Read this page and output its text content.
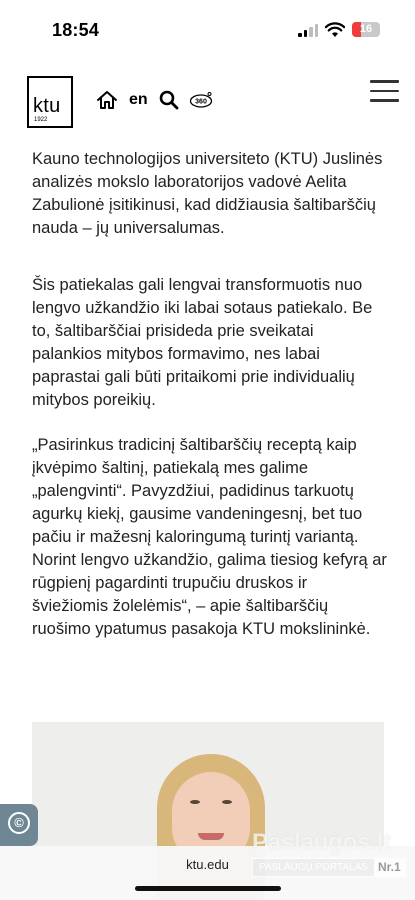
18:54	16
ktu
1922
en	360

Kauno technologijos universiteto (KTU) Juslinės analizės mokslo laboratorijos vadovė Aelita Zabulionė įsitikinusi, kad didžiausia šaltibarščių nauda – jų universalumas.

Šis patiekalas gali lengvai transformuotis nuo lengvo užkandžio iki labai sotaus patiekalo. Be to, šaltibarščiai prisideda prie sveikatai palankios mitybos formavimo, nes labai paprastai gali būti pritaikomi prie individualių mitybos poreikių.

„Pasirinkus tradicinį šaltibarščių receptą kaip įkvėpimo šaltinį, patiekalą mes galime „palengvinti“. Pavyzdžiui, padidinus tarkuotų agurkų kiekį, gausime vandeningesnį, bet tuo pačiu ir mažesnį kaloringumą turintį variantą. Norint lengvo užkandžio, galima tiesiog kefyrą ar rūgpienį pagardinti trupučiu druskos ir šviežiomis žolelėmis“, – apie šaltibarščių ruošimo ypatumus pasakoja KTU mokslininkė.

©
ktu.edu
Paslaugos.lt
PASLAUGŲ PORTALAS Nr.1
